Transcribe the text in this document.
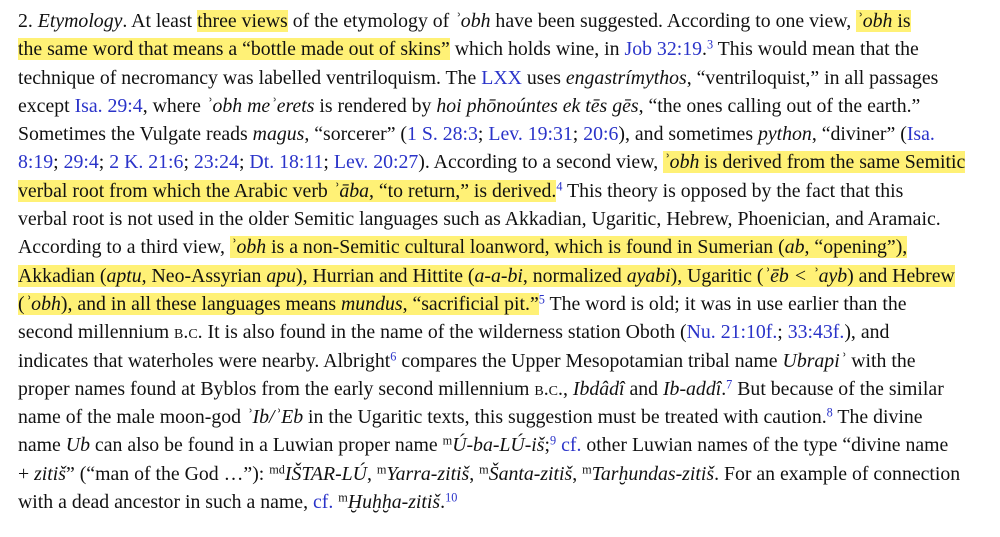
2. Etymology. At least three views of the etymology of ʾobh have been suggested. According to one view, ʾobh is
the same word that means a “bottle made out of skins” which holds wine, in Job 32:19.$^3$ This would mean that the
technique of necromancy was labelled ventriloquism. The LXX uses engastrímythos, “ventriloquist,” in all passages
except Isa. 29:4, where ʾobh meʾerets is rendered by hoi phōnoúntes ek tēs gēs, “the ones calling out of the earth.”
Sometimes the Vulgate reads magus, “sorcerer” (1 S. 28:3; Lev. 19:31; 20:6), and sometimes python, “diviner” (Isa.
8:19; 29:4; 2 K. 21:6; 23:24; Dt. 18:11; Lev. 20:27). According to a second view, ʾobh is derived from the same Semitic
verbal root from which the Arabic verb ʾāba, “to return,” is derived.$^4$ This theory is opposed by the fact that this
verbal root is not used in the older Semitic languages such as Akkadian, Ugaritic, Hebrew, Phoenician, and Aramaic.
According to a third view, ʾobh is a non-Semitic cultural loanword, which is found in Sumerian (ab, “opening”),
Akkadian (aptu, Neo-Assyrian apu), Hurrian and Hittite (a-a-bi, normalized ayabi), Ugaritic (ʾēb < ʾayb) and Hebrew
(ʾobh), and in all these languages means mundus, “sacrificial pit.”$^5$ The word is old; it was in use earlier than the
second millennium b.c. It is also found in the name of the wilderness station Oboth (Nu. 21:10f.; 33:43f.), and
indicates that waterholes were nearby. Albright$^6$ compares the Upper Mesopotamian tribal name Ubrapiʾ with the
proper names found at Byblos from the early second millennium b.c., Ibdâdî and Ib-addî.$^7$ But because of the similar
name of the male moon-god ʾIb/ʾEb in the Ugaritic texts, this suggestion must be treated with caution.$^8$ The divine
name Ub can also be found in a Luwian proper name $^m$Ú-ba-LÚ-iš;$^9$ cf. other Luwian names of the type “divine name
+ zitiš” (“man of the God …”): $^{md}$IŠTAR-LÚ, $^m$Yarra-zitiš, $^m$Šanta-zitiš, $^m$Tarḫundas-zitiš. For an example of connection
with a dead ancestor in such a name, cf. $^m$Ḫuḫḫa-zitiš.$^{10}$
